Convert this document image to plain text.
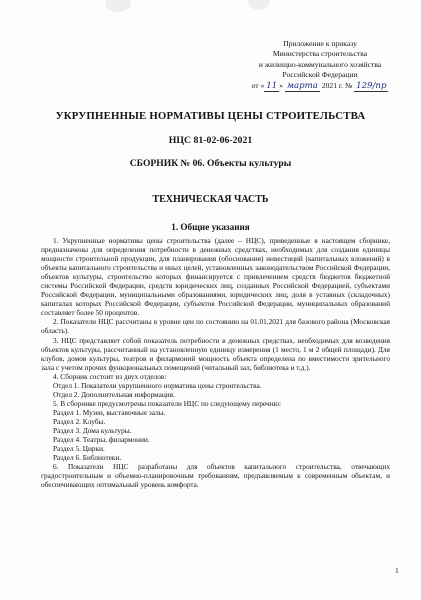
Приложение к приказу
Министерства строительства
и жилищно-коммунального хозяйства
Российской Федерации
от « 11 » марта 2021 г. № 129/пр
УКРУПНЕННЫЕ НОРМАТИВЫ ЦЕНЫ СТРОИТЕЛЬСТВА
НЦС 81-02-06-2021
СБОРНИК № 06. Объекты культуры
ТЕХНИЧЕСКАЯ ЧАСТЬ
1. Общие указания

1. Укрупненные нормативы цены строительства (далее – НЦС), приведенные в настоящем сборнике, предназначены для определения потребности в денежных средствах, необходимых для создания единицы мощности строительной продукции, для планирования (обоснования) инвестиций (капитальных вложений) в объекты капитального строительства и иных целей, установленных законодательством Российской Федерации, объектов культуры, строительство которых финансируется с привлечением средств бюджетов бюджетной системы Российской Федерации, средств юридических лиц, созданных Российской Федерацией, субъектами Российской Федерации, муниципальными образованиями, юридических лиц, доля в уставных (складочных) капиталах которых Российской Федерации, субъектов Российской Федерации, муниципальных образований составляет более 50 процентов.

2. Показатели НЦС рассчитаны в уровне цен по состоянию на 01.01.2021 для базового района (Московская область).

3. НЦС представляет собой показатель потребности в денежных средствах, необходимых для возведения объектов культуры, рассчитанный на установленную единицу измерения (1 место, 1 м 2 общей площади). Для клубов, домов культуры, театров и филармоний мощность объекта определена по вместимости зрительного зала с учетом прочих функциональных помещений (читальный зал, библиотека и т.д.).

4. Сборник состоит из двух отделов:

Отдел 1. Показатели укрупненного норматива цены строительства.

Отдел 2. Дополнительная информация.

5. В сборнике предусмотрены показатели НЦС по следующему перечню:

Раздел 1. Музеи, выставочные залы.

Раздел 2. Клубы.

Раздел 3. Дома культуры.

Раздел 4. Театры, филармонии.

Раздел 5. Цирки.

Раздел 6. Библиотеки.

6. Показатели НЦС разработаны для объектов капитального строительства, отвечающих градостроительным и объемно-планировочным требованиям, предъявляемым к современным объектам, и обеспечивающих оптимальный уровень комфорта.

1
